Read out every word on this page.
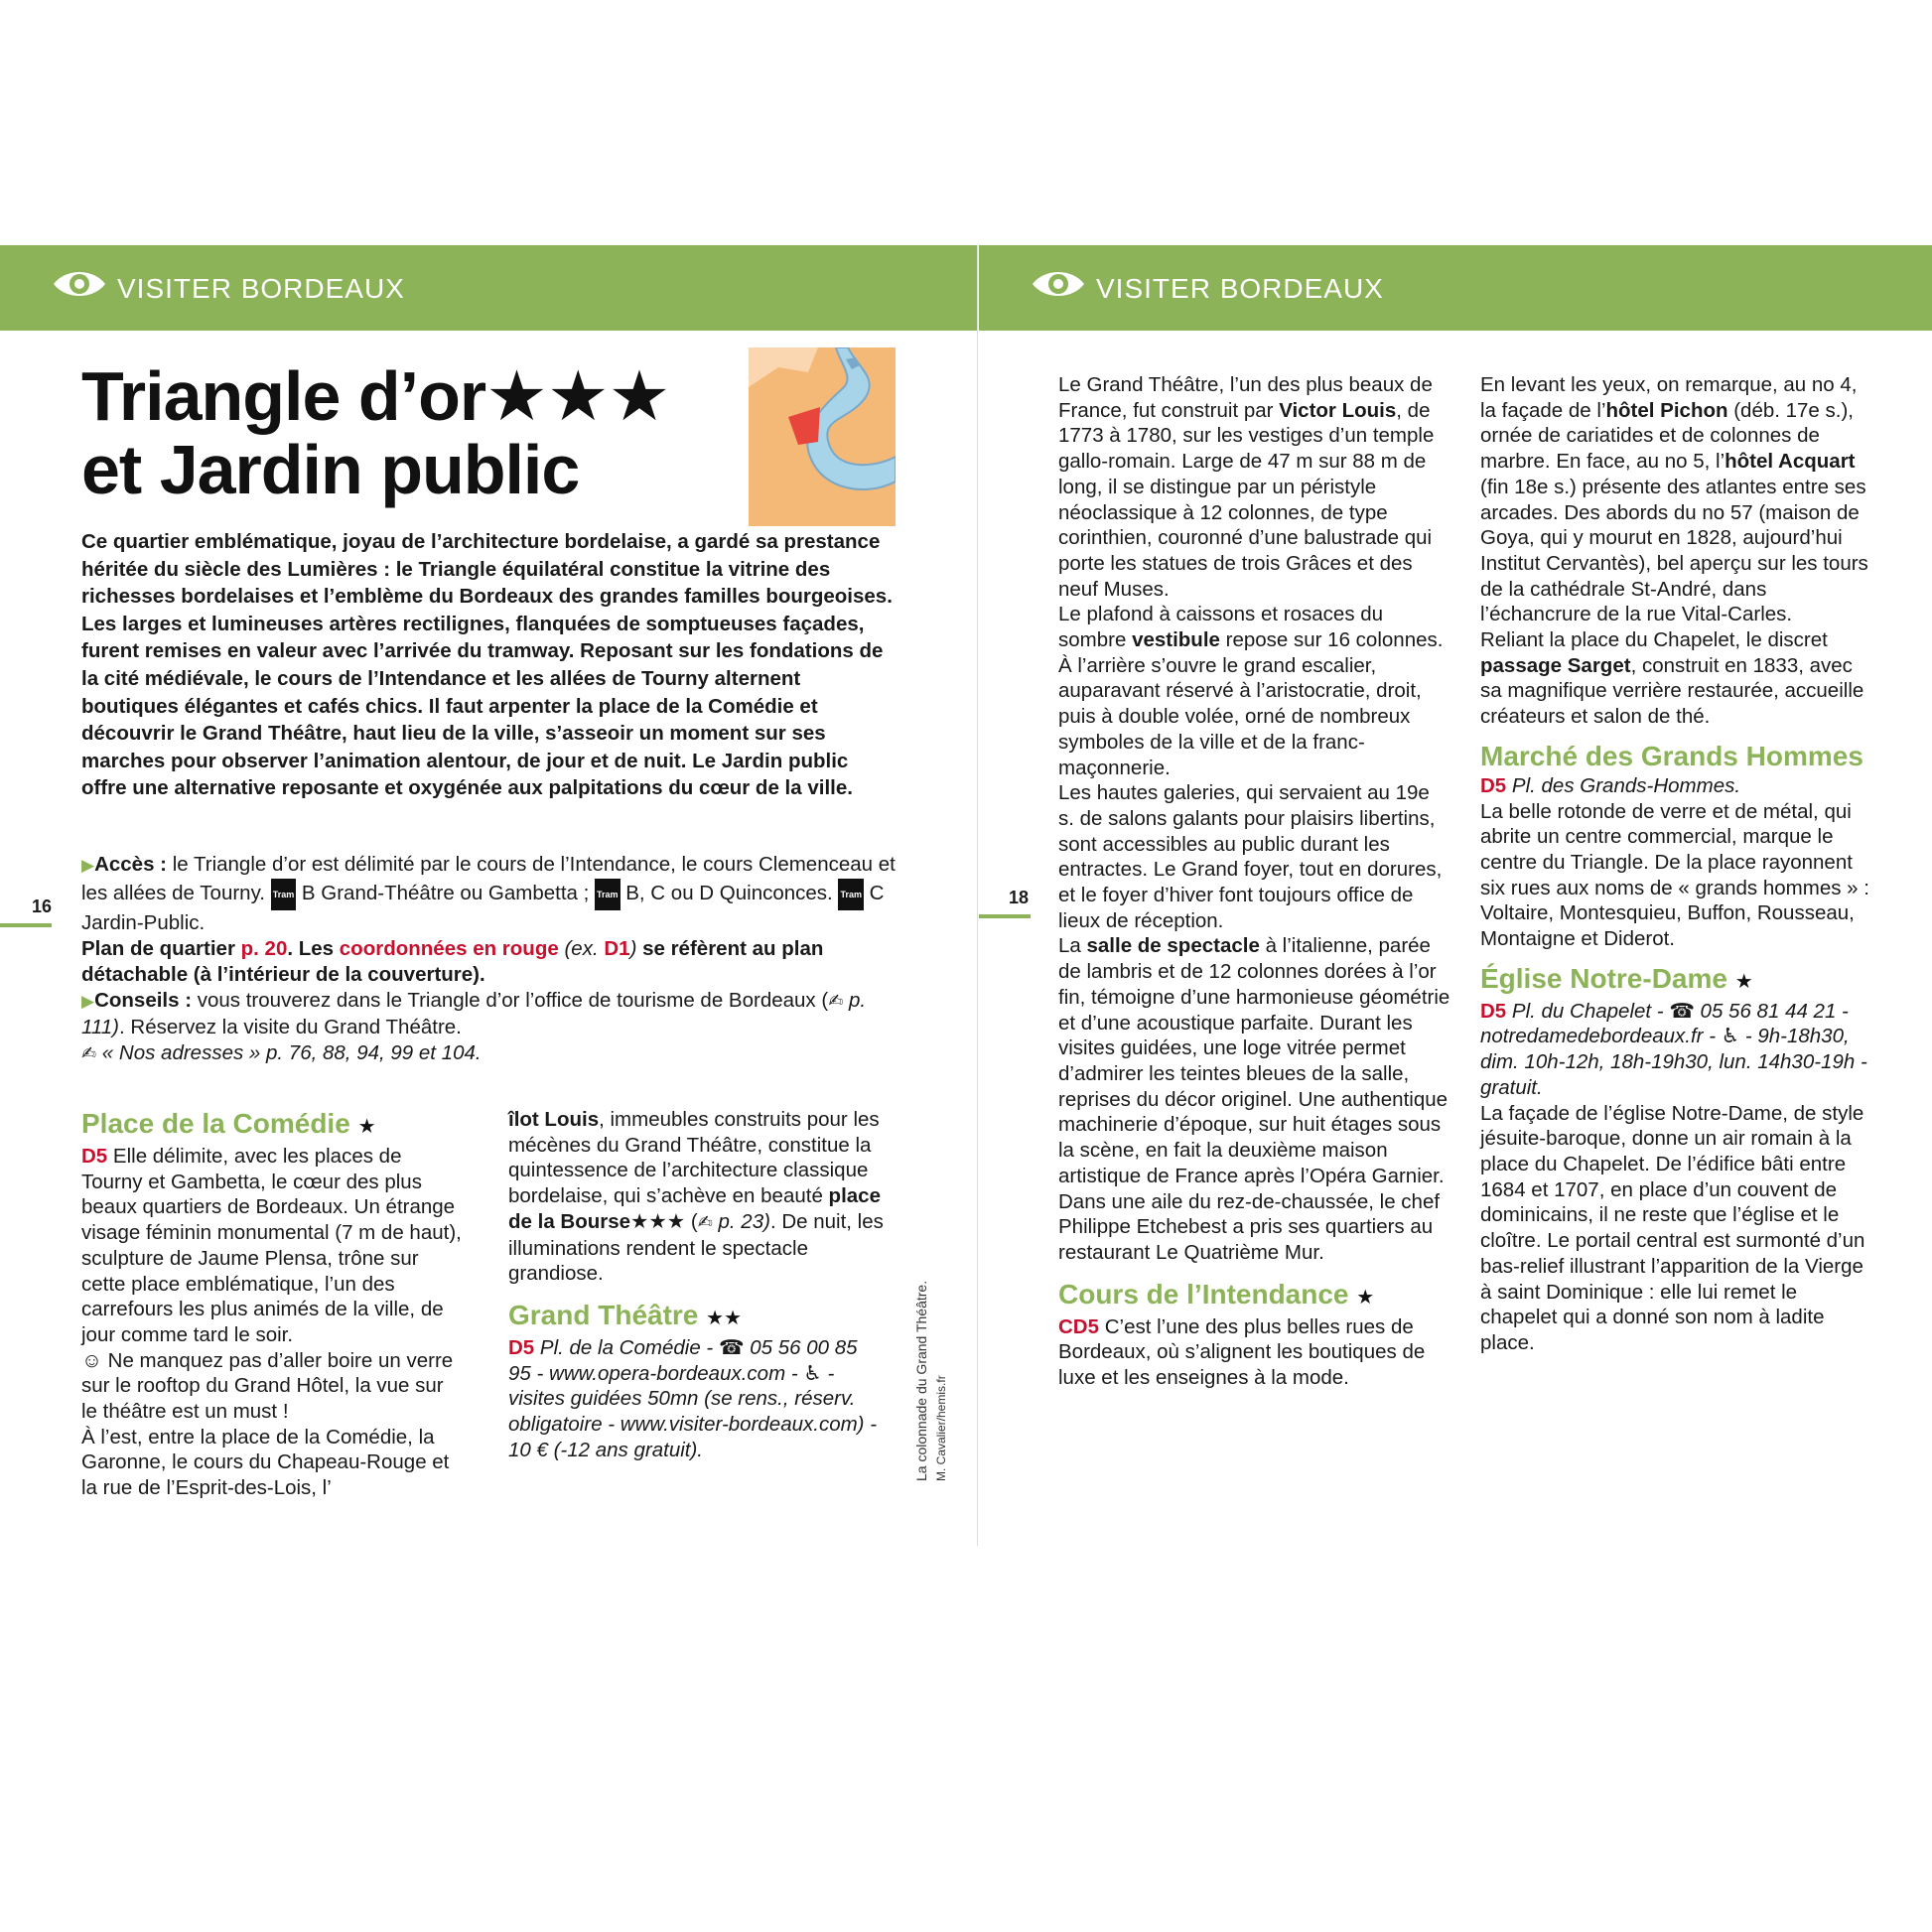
VISITER BORDEAUX	VISITER BORDEAUX
16	18
Triangle d’or★★★
et Jardin public

Ce quartier emblématique, joyau de l’architecture bordelaise, a gardé sa prestance héritée du siècle des Lumières : le Triangle équilatéral constitue la vitrine des richesses bordelaises et l’emblème du Bordeaux des grandes familles bourgeoises. Les larges et lumineuses artères rectilignes, flanquées de somptueuses façades, furent remises en valeur avec l’arrivée du tramway. Reposant sur les fondations de la cité médiévale, le cours de l’Intendance et les allées de Tourny alternent boutiques élégantes et cafés chics. Il faut arpenter la place de la Comédie et découvrir le Grand Théâtre, haut lieu de la ville, s’asseoir un moment sur ses marches pour observer l’animation alentour, de jour et de nuit. Le Jardin public offre une alternative reposante et oxygénée aux palpitations du cœur de la ville.

▶Accès : le Triangle d’or est délimité par le cours de l’Intendance, le cours Clemenceau et les allées de Tourny. Tram B Grand-Théâtre ou Gambetta ; Tram B, C ou D Quinconces. Tram C Jardin-Public.

Plan de quartier p. 20. Les coordonnées en rouge (ex. D1) se réfèrent au plan détachable (à l’intérieur de la couverture).

▶Conseils : vous trouverez dans le Triangle d’or l’office de tourisme de Bordeaux (✍ p. 111). Réservez la visite du Grand Théâtre.
✍ « Nos adresses » p. 76, 88, 94, 99 et 104.

Place de la Comédie ★

D5 Elle délimite, avec les places de Tourny et Gambetta, le cœur des plus beaux quartiers de Bordeaux. Un étrange visage féminin monumental (7 m de haut), sculpture de Jaume Plensa, trône sur cette place emblématique, l’un des carrefours les plus animés de la ville, de jour comme tard le soir.

☺ Ne manquez pas d’aller boire un verre sur le rooftop du Grand Hôtel, la vue sur le théâtre est un must !

À l’est, entre la place de la Comédie, la Garonne, le cours du Chapeau-Rouge et la rue de l’Esprit-des-Lois, l’

îlot Louis, immeubles construits pour les mécènes du Grand Théâtre, constitue la quintessence de l’architecture classique bordelaise, qui s’achève en beauté place de la Bourse★★★ (✍ p. 23). De nuit, les illuminations rendent le spectacle grandiose.

Grand Théâtre ★★

D5 Pl. de la Comédie - ☎ 05 56 00 85 95 - www.opera-bordeaux.com - ♿ - visites guidées 50mn (se rens., réserv. obligatoire - www.visiter-bordeaux.com) - 10 € (-12 ans gratuit).	La colonnade du Grand Théâtre. M. Cavalier/hemis.fr

Le Grand Théâtre, l’un des plus beaux de France, fut construit par Victor Louis, de 1773 à 1780, sur les vestiges d’un temple gallo-romain. Large de 47 m sur 88 m de long, il se distingue par un péristyle néoclassique à 12 colonnes, de type corinthien, couronné d’une balustrade qui porte les statues de trois Grâces et des neuf Muses.

Le plafond à caissons et rosaces du sombre vestibule repose sur 16 colonnes. À l’arrière s’ouvre le grand escalier, auparavant réservé à l’aristocratie, droit, puis à double volée, orné de nombreux symboles de la ville et de la franc-maçonnerie.

Les hautes galeries, qui servaient au 19e s. de salons galants pour plaisirs libertins, sont accessibles au public durant les entractes. Le Grand foyer, tout en dorures, et le foyer d’hiver font toujours office de lieux de réception.

La salle de spectacle à l’italienne, parée de lambris et de 12 colonnes dorées à l’or fin, témoigne d’une harmonieuse géométrie et d’une acoustique parfaite. Durant les visites guidées, une loge vitrée permet d’admirer les teintes bleues de la salle, reprises du décor originel. Une authentique machinerie d’époque, sur huit étages sous la scène, en fait la deuxième maison artistique de France après l’Opéra Garnier. Dans une aile du rez-de-chaussée, le chef Philippe Etchebest a pris ses quartiers au restaurant Le Quatrième Mur.

Cours de l’Intendance ★

CD5 C’est l’une des plus belles rues de Bordeaux, où s’alignent les boutiques de luxe et les enseignes à la mode.

En levant les yeux, on remarque, au no 4, la façade de l’hôtel Pichon (déb. 17e s.), ornée de cariatides et de colonnes de marbre. En face, au no 5, l’hôtel Acquart (fin 18e s.) présente des atlantes entre ses arcades. Des abords du no 57 (maison de Goya, qui y mourut en 1828, aujourd’hui Institut Cervantès), bel aperçu sur les tours de la cathédrale St-André, dans l’échancrure de la rue Vital-Carles.

Reliant la place du Chapelet, le discret passage Sarget, construit en 1833, avec sa magnifique verrière restaurée, accueille créateurs et salon de thé.

Marché des Grands Hommes

D5 Pl. des Grands-Hommes.

La belle rotonde de verre et de métal, qui abrite un centre commercial, marque le centre du Triangle. De la place rayonnent six rues aux noms de « grands hommes » : Voltaire, Montesquieu, Buffon, Rousseau, Montaigne et Diderot.

Église Notre-Dame ★

D5 Pl. du Chapelet - ☎ 05 56 81 44 21 - notredamedebordeaux.fr - ♿ - 9h-18h30, dim. 10h-12h, 18h-19h30, lun. 14h30-19h - gratuit.

La façade de l’église Notre-Dame, de style jésuite-baroque, donne un air romain à la place du Chapelet. De l’édifice bâti entre 1684 et 1707, en place d’un couvent de dominicains, il ne reste que l’église et le cloître. Le portail central est surmonté d’un bas-relief illustrant l’apparition de la Vierge à saint Dominique : elle lui remet le chapelet qui a donné son nom à ladite place.
